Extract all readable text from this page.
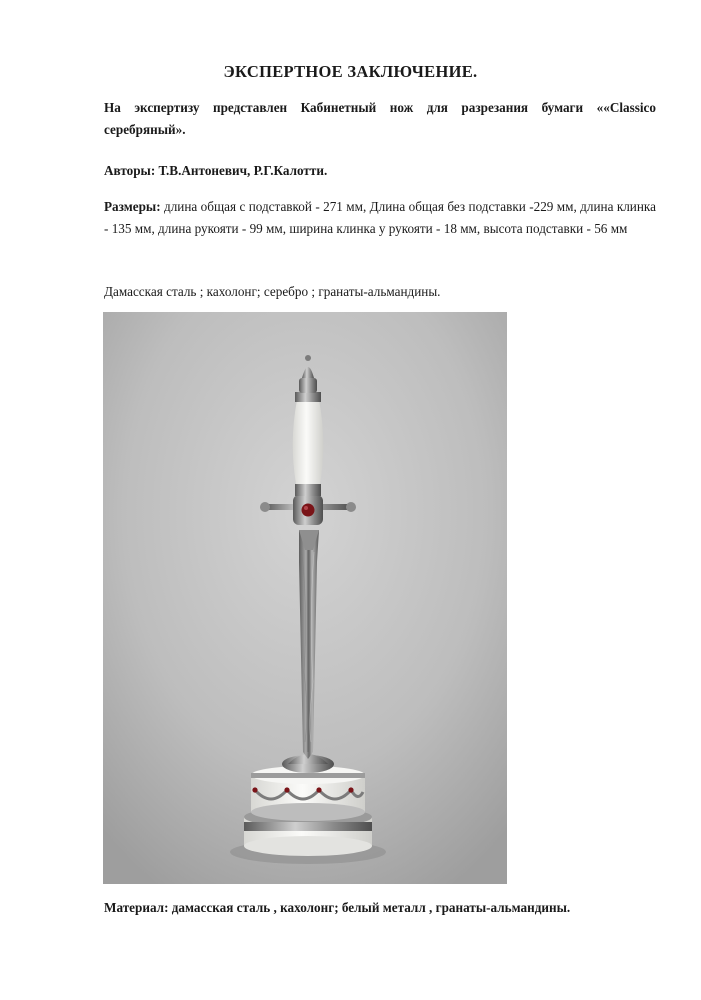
ЭКСПЕРТНОЕ ЗАКЛЮЧЕНИЕ.
На экспертизу представлен Кабинетный нож для разрезания бумаги ««Classico серебряный».
Авторы: Т.В.Антоневич, Р.Г.Калотти.
Размеры: длина общая с подставкой - 271 мм, Длина общая без подставки -229 мм, длина клинка - 135 мм, длина рукояти - 99 мм, ширина клинка у рукояти - 18 мм, высота подставки - 56 мм
Дамасская сталь ; кахолонг; серебро ; гранаты-альмандины.
Материал: дамасская сталь , кахолонг; белый металл , гранаты-альмандины.
